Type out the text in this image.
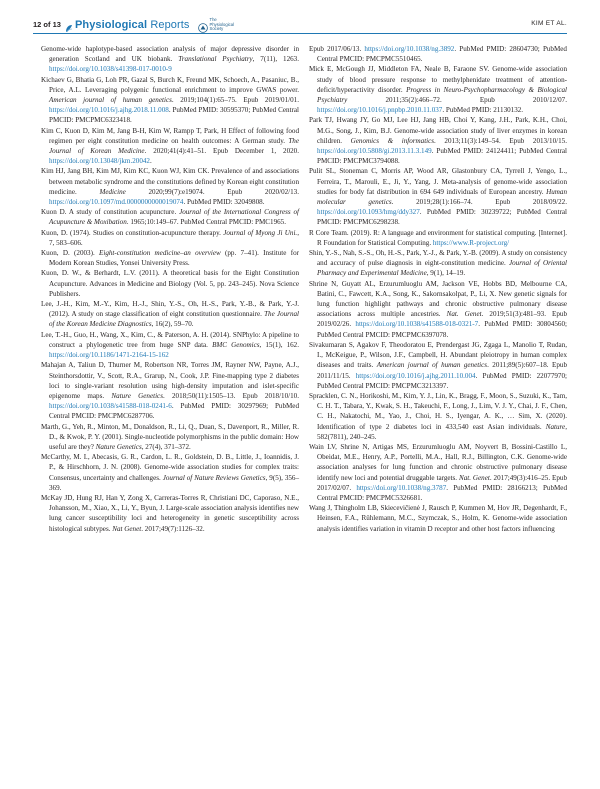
12 of 13 Physiological Reports	The
Physiological
Society
KIM ET AL.

Genome-wide haplotype-based association analysis of major depressive disorder in generation Scotland and UK biobank. Translational Psychiatry, 7(11), 1263. https://doi.org/10.1038/s41398-017-0010-9

Kichaev G, Bhatia G, Loh PR, Gazal S, Burch K, Freund MK, Schoech, A., Pasaniuc, B., Price, A.L. Leveraging polygenic functional enrichment to improve GWAS power. American journal of human genetics. 2019;104(1):65–75. Epub 2019/01/01. https://doi.org/10.1016/j.ajhg.2018.11.008. PubMed PMID: 30595370; PubMed Central PMCID: PMCPMC6323418.

Kim C, Kuon D, Kim M, Jang B-H, Kim W, Rampp T, Park, H Effect of following food regimen per eight constitution medicine on health outcomes: A German study. The Journal of Korean Medicine. 2020;41(4):41–51. Epub December 1, 2020. https://doi.org/10.13048/jkm.20042.

Kim HJ, Jang BH, Kim MJ, Kim KC, Kuon WJ, Kim CK. Prevalence of and associations between metabolic syndrome and the constitutions defined by Korean eight constitution medicine. Medicine 2020;99(7):e19074. Epub 2020/02/13. https://doi.org/10.1097/md.0000000000019074. PubMed PMID: 32049808.

Kuon D. A study of constitution acupuncture. Journal of the International Congress of Acupuncture & Moxibation. 1965;10:149–67. PubMed Central PMCID: PMC1965.

Kuon, D. (1974). Studies on constitution-acupuncture therapy. Journal of Myong Ji Uni., 7, 583–606.

Kuon, D. (2003). Eight-constitution medicine–an overview (pp. 7–41). Institute for Modern Korean Studies, Yonsei University Press.

Kuon, D. W., & Berhardt, L.V. (2011). A theoretical basis for the Eight Constitution Acupuncture. Advances in Medicine and Biology (Vol. 5, pp. 243–245). Nova Science Publishers.

Lee, J.-H., Kim, M.-Y., Kim, H.-J., Shin, Y.-S., Oh, H.-S., Park, Y.-B., & Park, Y.-J. (2012). A study on stage classification of eight constitution questionnaire. The Journal of the Korean Medicine Diagnostics, 16(2), 59–70.

Lee, T.-H., Guo, H., Wang, X., Kim, C., & Paterson, A. H. (2014). SNPhylo: A pipeline to construct a phylogenetic tree from huge SNP data. BMC Genomics, 15(1), 162. https://doi.org/10.1186/1471-2164-15-162

Mahajan A, Taliun D, Thurner M, Robertson NR, Torres JM, Rayner NW, Payne, A.J., Steinthorsdottir, V., Scott, R.A., Grarup, N., Cook, J.P. Fine-mapping type 2 diabetes loci to single-variant resolution using high-density imputation and islet-specific epigenome maps. Nature Genetics. 2018;50(11):1505–13. Epub 2018/10/10. https://doi.org/10.1038/s41588-018-0241-6. PubMed PMID: 30297969; PubMed Central PMCID: PMCPMC6287706.

Marth, G., Yeh, R., Minton, M., Donaldson, R., Li, Q., Duan, S., Davenport, R., Miller, R. D., & Kwok, P. Y. (2001). Single-nucleotide polymorphisms in the public domain: How useful are they? Nature Genetics, 27(4), 371–372.

McCarthy, M. I., Abecasis, G. R., Cardon, L. R., Goldstein, D. B., Little, J., Ioannidis, J. P., & Hirschhorn, J. N. (2008). Genome-wide association studies for complex traits: Consensus, uncertainty and challenges. Journal of Nature Reviews Genetics, 9(5), 356–369.

McKay JD, Hung RJ, Han Y, Zong X, Carreras-Torres R, Christiani DC, Caporaso, N.E., Johansson, M., Xiao, X., Li, Y., Byun, J. Large-scale association analysis identifies new lung cancer susceptibility loci and heterogeneity in genetic susceptibility across histological subtypes. Nat Genet. 2017;49(7):1126–32.

Epub 2017/06/13. https://doi.org/10.1038/ng.3892. PubMed PMID: 28604730; PubMed Central PMCID: PMCPMC5510465.

Mick E, McGough JJ, Middleton FA, Neale B, Faraone SV. Genome-wide association study of blood pressure response to methylphenidate treatment of attention-deficit/hyperactivity disorder. Progress in Neuro-Psychopharmacology & Biological Psychiatry 2011;35(2):466–72. Epub 2010/12/07. https://doi.org/10.1016/j.pnpbp.2010.11.037. PubMed PMID: 21130132.

Park TJ, Hwang JY, Go MJ, Lee HJ, Jang HB, Choi Y, Kang, J.H., Park, K.H., Choi, M.G., Song, J., Kim, B.J. Genome-wide association study of liver enzymes in korean children. Genomics & informatics. 2013;11(3):149–54. Epub 2013/10/15. https://doi.org/10.5808/gi.2013.11.3.149. PubMed PMID: 24124411; PubMed Central PMCID: PMCPMC3794088.

Pulit SL, Stoneman C, Morris AP, Wood AR, Glastonbury CA, Tyrrell J, Yengo, L., Ferreira, T., Marouli, E., Ji, Y., Yang, J. Meta-analysis of genome-wide association studies for body fat distribution in 694 649 individuals of European ancestry. Human molecular genetics. 2019;28(1):166–74. Epub 2018/09/22. https://doi.org/10.1093/hmg/ddy327. PubMed PMID: 30239722; PubMed Central PMCID: PMCPMC6298238.

R Core Team. (2019). R: A language and environment for statistical computing. [Internet]. R Foundation for Statistical Computing. https://www.R-project.org/

Shin, Y.-S., Nah, S.-S., Oh, H.-S., Park, Y.-J., & Park, Y.-B. (2009). A study on consistency and accuracy of pulse diagnosis in eight-constitution medicine. Journal of Oriental Pharmacy and Experimental Medicine, 9(1), 14–19.

Shrine N, Guyatt AL, Erzurumluoglu AM, Jackson VE, Hobbs BD, Melbourne CA, Batini, C., Fawcett, K.A., Song, K., Sakornsakolpat, P., Li, X. New genetic signals for lung function highlight pathways and chronic obstructive pulmonary disease associations across multiple ancestries. Nat. Genet. 2019;51(3):481–93. Epub 2019/02/26. https://doi.org/10.1038/s41588-018-0321-7. PubMed PMID: 30804560; PubMed Central PMCID: PMCPMC6397078.

Sivakumaran S, Agakov F, Theodoratou E, Prendergast JG, Zgaga L, Manolio T, Rudan, I., McKeigue, P., Wilson, J.F., Campbell, H. Abundant pleiotropy in human complex diseases and traits. American journal of human genetics. 2011;89(5):607–18. Epub 2011/11/15. https://doi.org/10.1016/j.ajhg.2011.10.004. PubMed PMID: 22077970; PubMed Central PMCID: PMCPMC3213397.

Spracklen, C. N., Horikoshi, M., Kim, Y. J., Lin, K., Bragg, F., Moon, S., Suzuki, K., Tam, C. H. T., Tabara, Y., Kwak, S. H., Takeuchi, F., Long, J., Lim, V. J. Y., Chai, J. F., Chen, C. H., Nakatochi, M., Yao, J., Choi, H. S., Iyengar, A. K., … Sim, X. (2020). Identification of type 2 diabetes loci in 433,540 east Asian individuals. Nature, 582(7811), 240–245.

Wain LV, Shrine N, Artigas MS, Erzurumluoglu AM, Noyvert B, Bossini-Castillo L, Obeidat, M.E., Henry, A.P., Portelli, M.A., Hall, R.J., Billington, C.K. Genome-wide association analyses for lung function and chronic obstructive pulmonary disease identify new loci and potential druggable targets. Nat. Genet. 2017;49(3):416–25. Epub 2017/02/07. https://doi.org/10.1038/ng.3787. PubMed PMID: 28166213; PubMed Central PMCID: PMCPMC5326681.

Wang J, Thingholm LB, Skiecevičienė J, Rausch P, Kummen M, Hov JR, Degenhardt, F., Heinsen, F.A., Rühlemann, M.C., Szymczak, S., Holm, K. Genome-wide association analysis identifies variation in vitamin D receptor and other host factors influencing
